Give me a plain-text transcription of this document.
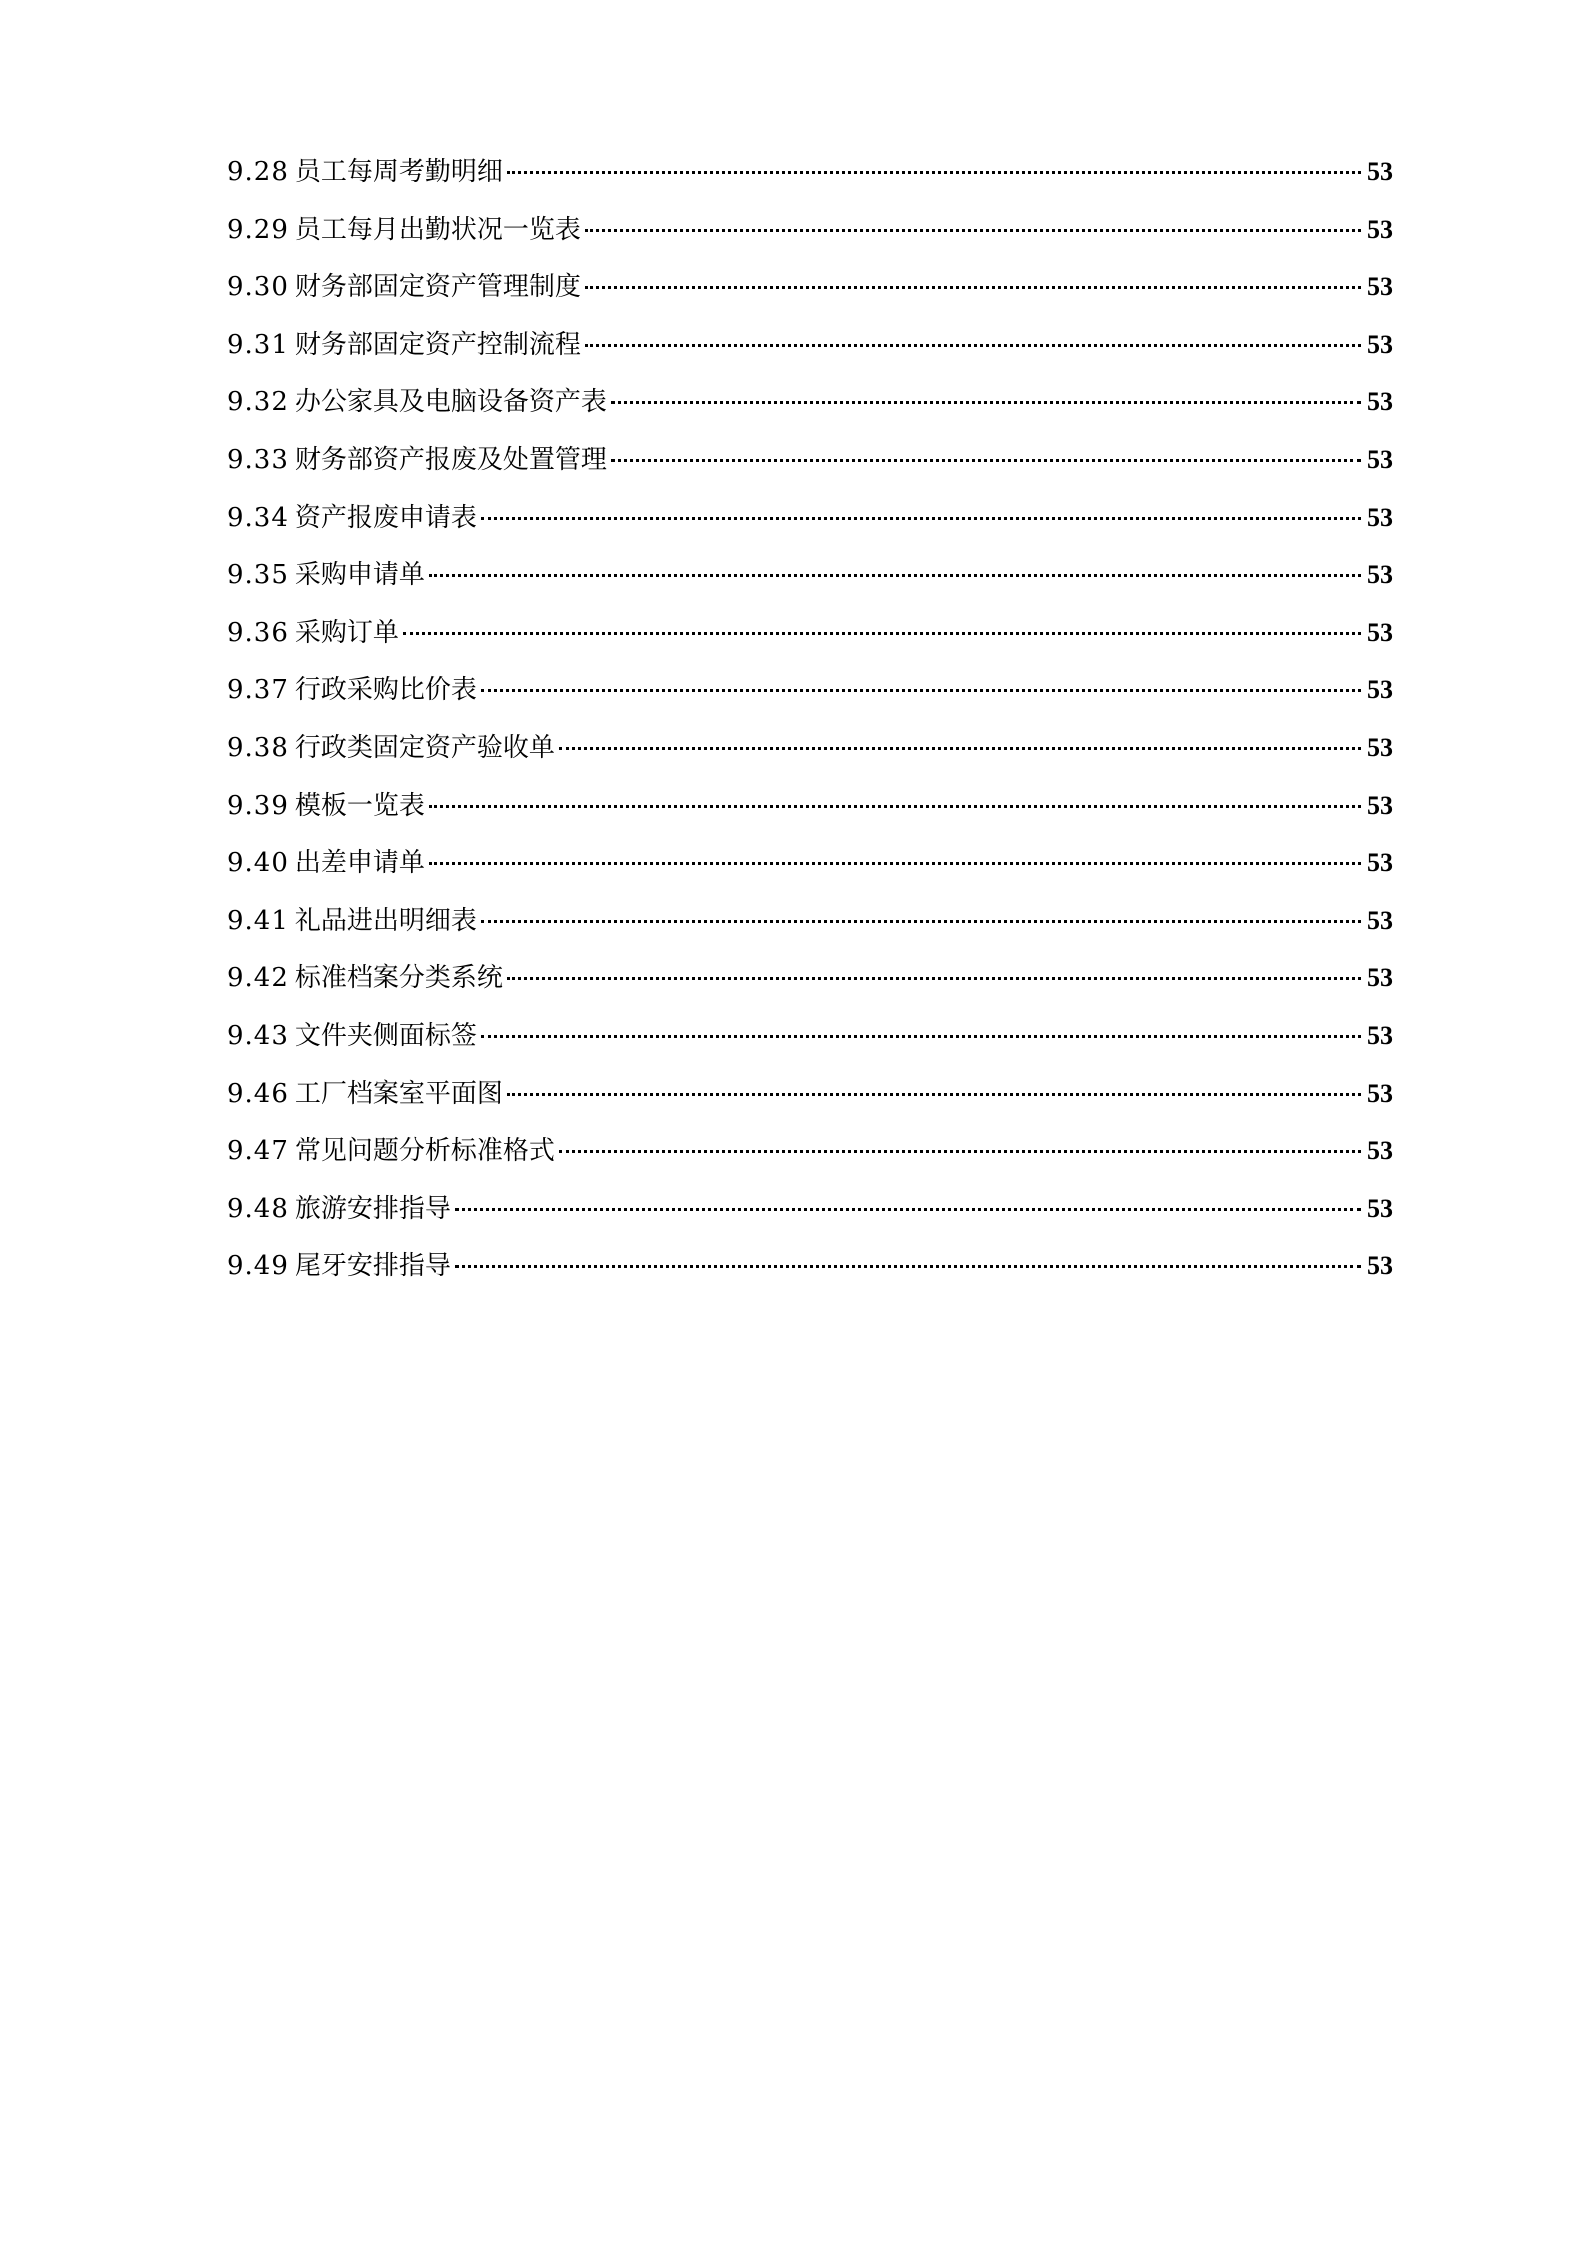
9.28 员工每周考勤明细	53
9.29 员工每月出勤状况一览表	53
9.30 财务部固定资产管理制度	53
9.31 财务部固定资产控制流程	53
9.32 办公家具及电脑设备资产表	53
9.33 财务部资产报废及处置管理	53
9.34 资产报废申请表	53
9.35 采购申请单	53
9.36 采购订单	53
9.37 行政采购比价表	53
9.38 行政类固定资产验收单	53
9.39 模板一览表	53
9.40 出差申请单	53
9.41 礼品进出明细表	53
9.42 标准档案分类系统	53
9.43 文件夹侧面标签	53
9.46 工厂档案室平面图	53
9.47 常见问题分析标准格式	53
9.48 旅游安排指导	53
9.49 尾牙安排指导	53
